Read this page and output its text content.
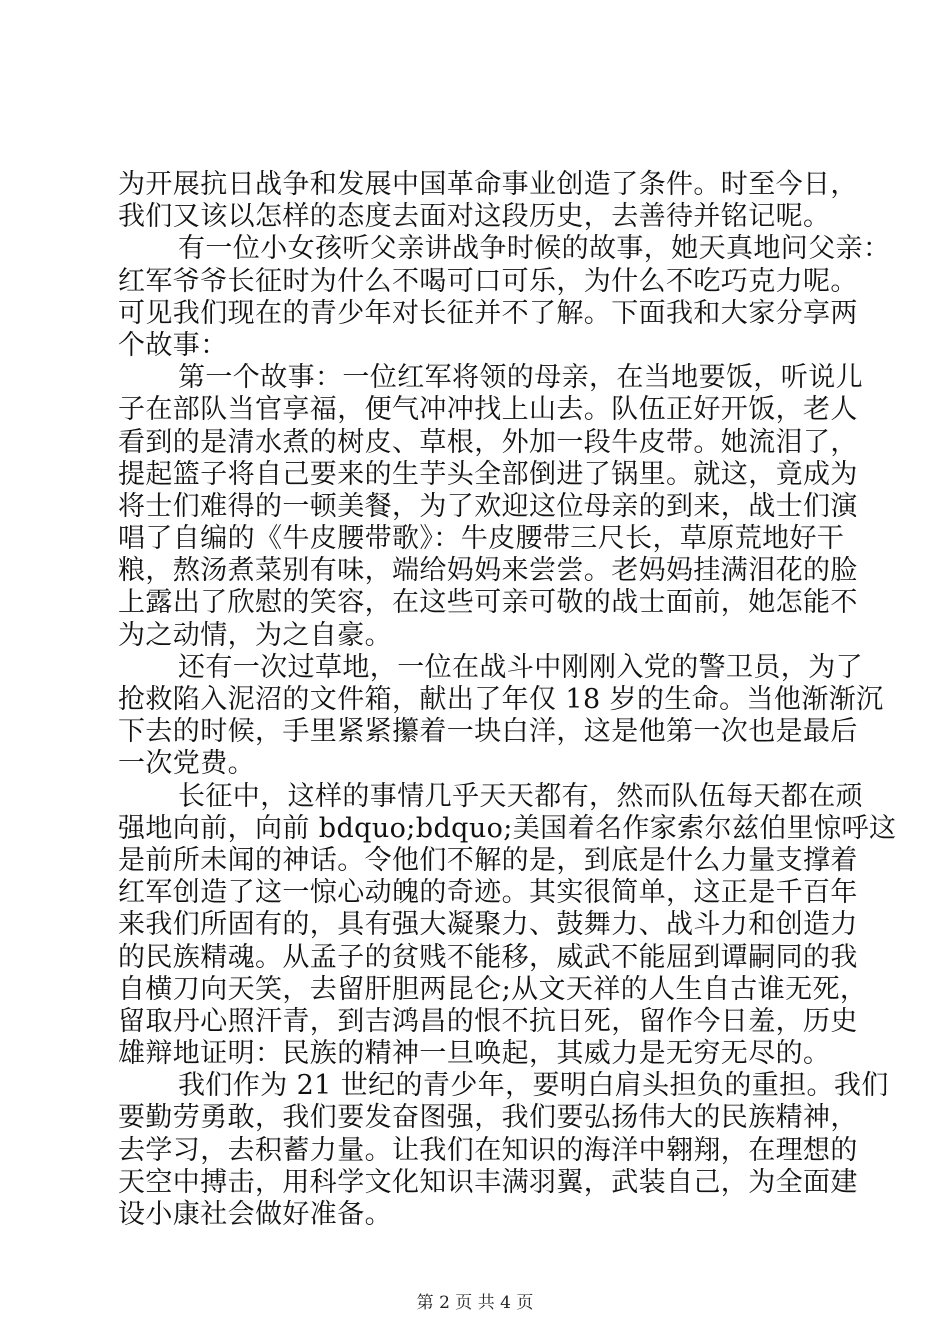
为开展抗日战争和发展中国革命事业创造了条件。时至今日，
我们又该以怎样的态度去面对这段历史，去善待并铭记呢。
有一位小女孩听父亲讲战争时候的故事，她天真地问父亲：
红军爷爷长征时为什么不喝可口可乐，为什么不吃巧克力呢。
可见我们现在的青少年对长征并不了解。下面我和大家分享两
个故事：
第一个故事：一位红军将领的母亲，在当地要饭，听说儿
子在部队当官享福，便气冲冲找上山去。队伍正好开饭，老人
看到的是清水煮的树皮、草根，外加一段牛皮带。她流泪了，
提起篮子将自己要来的生芋头全部倒进了锅里。就这，竟成为
将士们难得的一顿美餐，为了欢迎这位母亲的到来，战士们演
唱了自编的《牛皮腰带歌》：牛皮腰带三尺长，草原荒地好干
粮，熬汤煮菜别有味，端给妈妈来尝尝。老妈妈挂满泪花的脸
上露出了欣慰的笑容，在这些可亲可敬的战士面前，她怎能不
为之动情，为之自豪。
还有一次过草地，一位在战斗中刚刚入党的警卫员，为了
抢救陷入泥沼的文件箱，献出了年仅 18 岁的生命。当他渐渐沉
下去的时候，手里紧紧攥着一块白洋，这是他第一次也是最后
一次党费。
长征中，这样的事情几乎天天都有，然而队伍每天都在顽
强地向前，向前 bdquo;bdquo;美国着名作家索尔兹伯里惊呼这
是前所未闻的神话。令他们不解的是，到底是什么力量支撑着
红军创造了这一惊心动魄的奇迹。其实很简单，这正是千百年
来我们所固有的，具有强大凝聚力、鼓舞力、战斗力和创造力
的民族精魂。从孟子的贫贱不能移，威武不能屈到谭嗣同的我
自横刀向天笑，去留肝胆两昆仑;从文天祥的人生自古谁无死，
留取丹心照汗青，到吉鸿昌的恨不抗日死，留作今日羞，历史
雄辩地证明：民族的精神一旦唤起，其威力是无穷无尽的。
我们作为 21 世纪的青少年，要明白肩头担负的重担。我们
要勤劳勇敢，我们要发奋图强，我们要弘扬伟大的民族精神，
去学习，去积蓄力量。让我们在知识的海洋中翱翔，在理想的
天空中搏击，用科学文化知识丰满羽翼，武装自己，为全面建
设小康社会做好准备。
第 2 页 共 4 页
